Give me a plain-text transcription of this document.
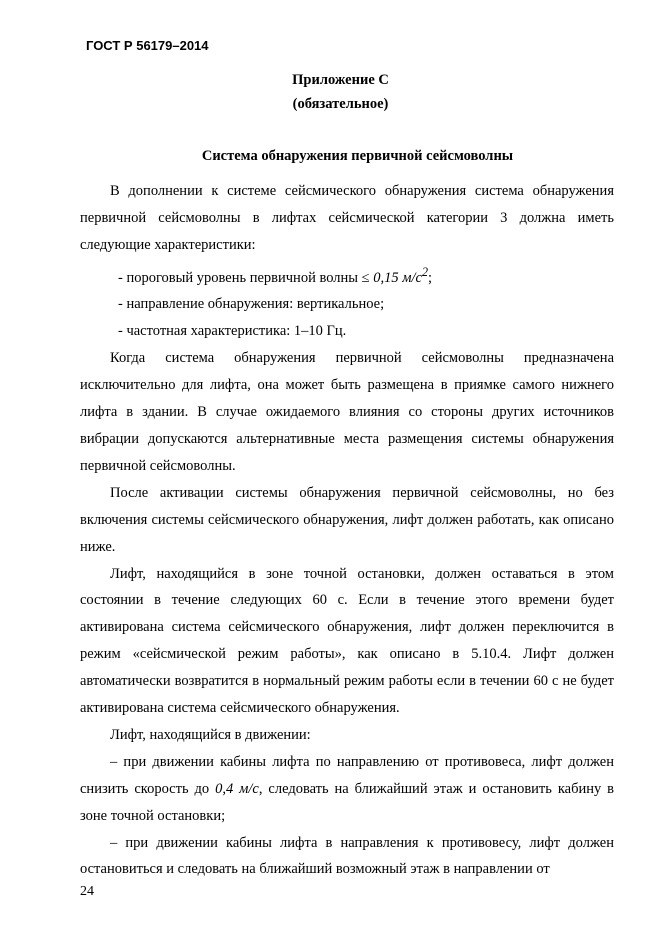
ГОСТ Р 56179–2014
Приложение С
(обязательное)
Система обнаружения первичной сейсмоволны

В дополнении к системе сейсмического обнаружения система обнаружения первичной сейсмоволны в лифтах сейсмической категории 3 должна иметь следующие характеристики:

- пороговый уровень первичной волны ≤ 0,15 $м/с^2$;

- направление обнаружения: вертикальное;

- частотная характеристика: 1–10 Гц.

Когда система обнаружения первичной сейсмоволны предназначена исключительно для лифта, она может быть размещена в приямке самого нижнего лифта в здании. В случае ожидаемого влияния со стороны других источников вибрации допускаются альтернативные места размещения системы обнаружения первичной сейсмоволны.

После активации системы обнаружения первичной сейсмоволны, но без включения системы сейсмического обнаружения, лифт должен работать, как описано ниже.

Лифт, находящийся в зоне точной остановки, должен оставаться в этом состоянии в течение следующих 60 с. Если в течение этого времени будет активирована система сейсмического обнаружения, лифт должен переключится в режим «сейсмической режим работы», как описано в 5.10.4. Лифт должен автоматически возвратится в нормальный режим работы если в течении 60 с не будет активирована система сейсмического обнаружения.

Лифт, находящийся в движении:

– при движении кабины лифта по направлению от противовеса, лифт должен снизить скорость до 0,4 м/с, следовать на ближайший этаж и остановить кабину в зоне точной остановки;

– при движении кабины лифта в направления к противовесу, лифт должен остановиться и следовать на ближайший возможный этаж в направлении от

24
